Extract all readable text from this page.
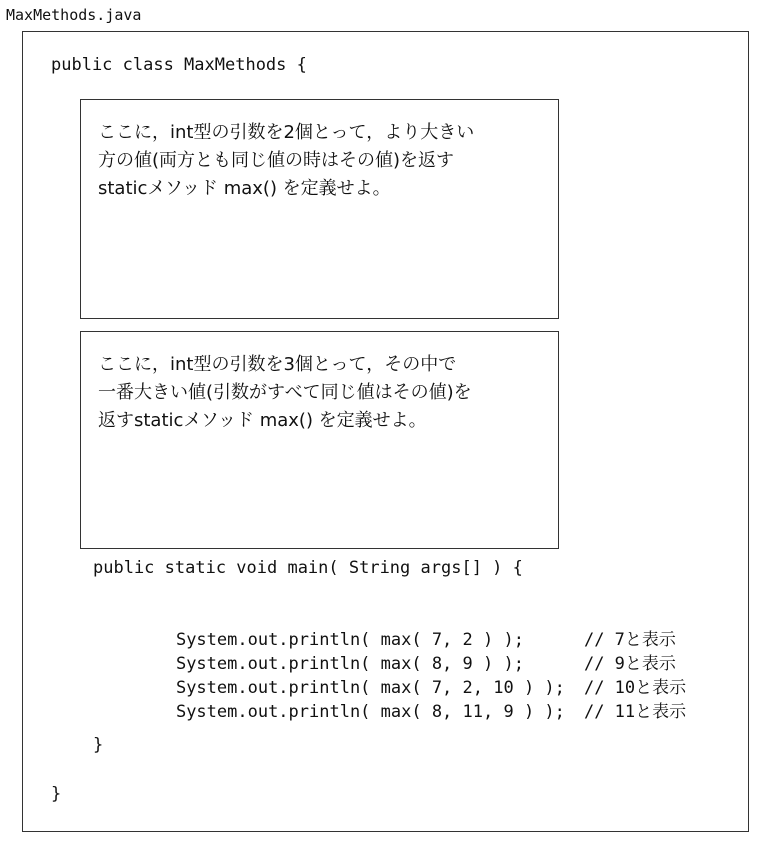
MaxMethods.java
public class MaxMethods {
ここに，int型の引数を2個とって，より大きい
方の値(両方とも同じ値の時はその値)を返す
staticメソッド max() を定義せよ。
ここに，int型の引数を3個とって，その中で
一番大きい値(引数がすべて同じ値はその値)を
返すstaticメソッド max() を定義せよ。
public static void main( String args[] ) {

System.out.println( max( 7, 2 ) );	// 7と表示

System.out.println( max( 8, 9 ) );	// 9と表示

System.out.println( max( 7, 2, 10 ) ); // 10と表示

System.out.println( max( 8, 11, 9 ) ); // 11と表示

}
}
